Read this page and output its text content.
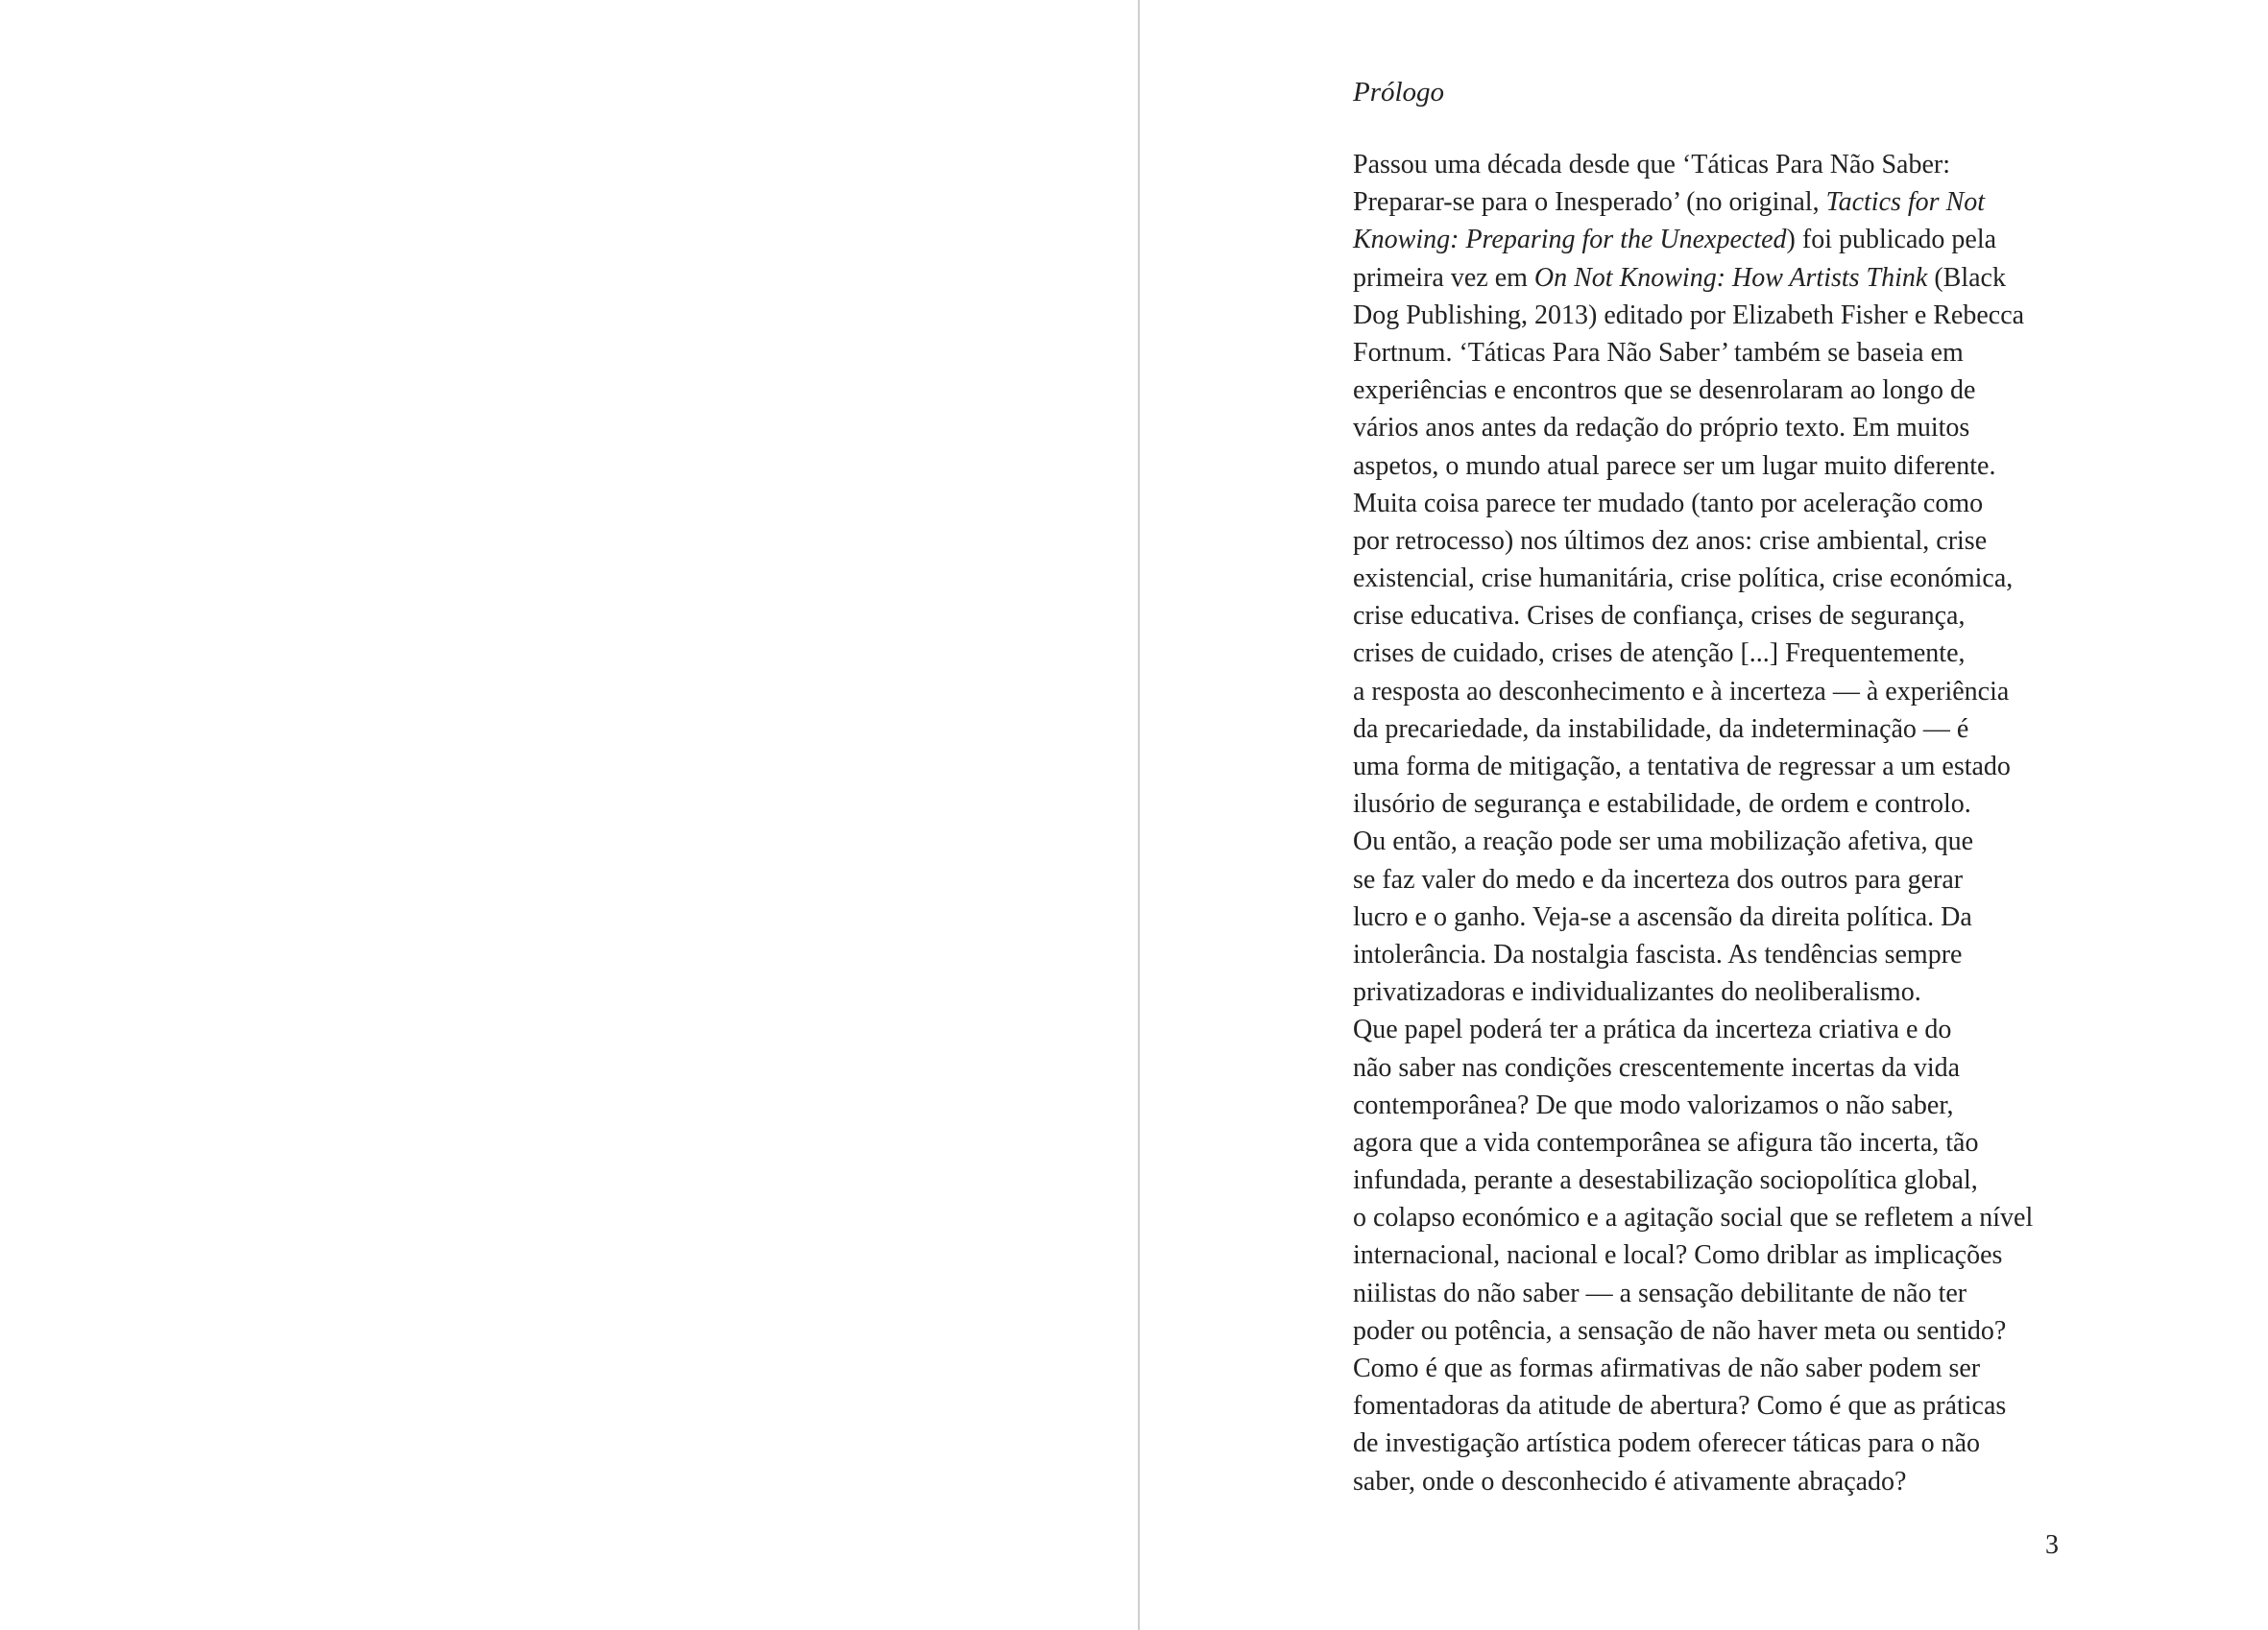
Prólogo
Passou uma década desde que ‘Táticas Para Não Saber:
Preparar-se para o Inesperado’ (no original, Tactics for Not
Knowing: Preparing for the Unexpected) foi publicado pela
primeira vez em On Not Knowing: How Artists Think (Black
Dog Publishing, 2013) editado por Elizabeth Fisher e Rebecca
Fortnum. ‘Táticas Para Não Saber’ também se baseia em
experiências e encontros que se desenrolaram ao longo de
vários anos antes da redação do próprio texto. Em muitos
aspetos, o mundo atual parece ser um lugar muito diferente.
Muita coisa parece ter mudado (tanto por aceleração como
por retrocesso) nos últimos dez anos: crise ambiental, crise
existencial, crise humanitária, crise política, crise económica,
crise educativa. Crises de confiança, crises de segurança,
crises de cuidado, crises de atenção [...] Frequentemente,
a resposta ao desconhecimento e à incerteza — à experiência
da precariedade, da instabilidade, da indeterminação — é
uma forma de mitigação, a tentativa de regressar a um estado
ilusório de segurança e estabilidade, de ordem e controlo.
Ou então, a reação pode ser uma mobilização afetiva, que
se faz valer do medo e da incerteza dos outros para gerar
lucro e o ganho. Veja-se a ascensão da direita política. Da
intolerância. Da nostalgia fascista. As tendências sempre
privatizadoras e individualizantes do neoliberalismo.
Que papel poderá ter a prática da incerteza criativa e do
não saber nas condições crescentemente incertas da vida
contemporânea? De que modo valorizamos o não saber,
agora que a vida contemporânea se afigura tão incerta, tão
infundada, perante a desestabilização sociopolítica global,
o colapso económico e a agitação social que se refletem a nível
internacional, nacional e local? Como driblar as implicações
niilistas do não saber — a sensação debilitante de não ter
poder ou potência, a sensação de não haver meta ou sentido?
Como é que as formas afirmativas de não saber podem ser
fomentadoras da atitude de abertura? Como é que as práticas
de investigação artística podem oferecer táticas para o não
saber, onde o desconhecido é ativamente abraçado?
3
